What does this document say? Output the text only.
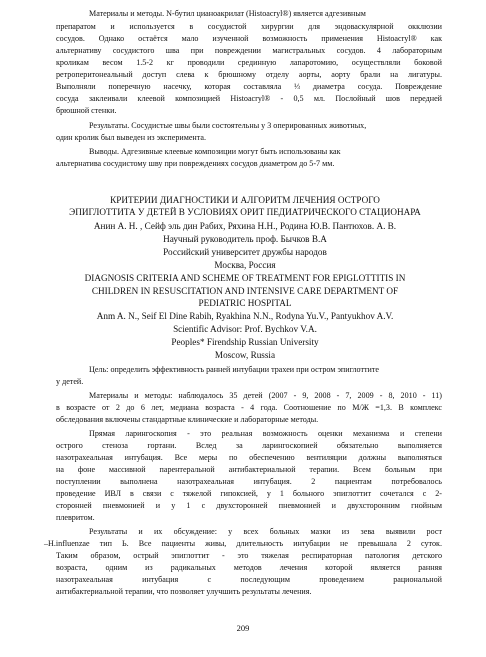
Материалы и методы. N-бутил цианоакрилат (Histoacryl®) является адгезивным
препаратом и используется в сосудистой хирургии для эндоваскулярной окклюзии
сосудов. Однако остаётся мало изученной возможность применения Histoacryl® как
альтернативу сосудистого шва при повреждении магистральных сосудов. 4 лабораторным
кроликам весом 1.5-2 кг проводили срединную лапаротомию, осуществляли боковой
ретроперитонеальный доступ слева к брюшному отделу аорты, аорту брали на лигатуры.
Выполняли поперечную насечку, которая составляла ⅓ диаметра сосуда. Повреждение
сосуда заклеивали клеевой композицией Histoacryl® - 0,5 мл. Послойный шов передней
брюшной стенки.
Результаты. Сосудистые швы были состоятельны у 3 оперированных животных,
один кролик был выведен из эксперимента.
Выводы. Адгезивные клеевые композиции могут быть использованы как
альтернатива сосудистому шву при повреждениях сосудов диаметром до 5-7 мм.
КРИТЕРИИ ДИАГНОСТИКИ И АЛГОРИТМ ЛЕЧЕНИЯ ОСТРОГО
ЭПИГЛОТТИТА У ДЕТЕЙ В УСЛОВИЯХ ОРИТ ПЕДИАТРИЧЕСКОГО СТАЦИОНАРА
DIAGNOSIS CRITERIA AND SCHEME OF TREATMENT FOR EPIGLOTTITIS IN
CHILDREN IN RESUSCITATION AND INTENSIVE CARE DEPARTMENT OF
PEDIATRIC HOSPITAL
Анин А. Н. , Сейф эль дин Рабих, Ряхина Н.Н., Родина Ю.В. Пантюхов. А. В.
Научный руководитель проф. Бычков В.А
Российский университет дружбы народов
Москва, Россия
Anm A. N., Seif El Dine Rabih, Ryakhina N.N., Rodyna Yu.V., Pantyukhov A.V.
Scientific Advisor: Prof. Bychkov V.A.
Peoples* Firendship Russian University
Moscow, Russia
Цель: определить эффективность ранней интубации трахеи при остром эпиглоттите
у детей.
Материалы и методы: наблюдалось 35 детей (2007 - 9, 2008 - 7, 2009 - 8, 2010 - 11)
в возрасте от 2 до 6 лет, медиана возраста - 4 года. Соотношение по М/Ж =1,3. В комплекс
обследования включены стандартные клинические и лабораторные методы.
Прямая ларингоскопия - это реальная возможность оценки механизма и степени
острого стеноза гортани. Вслед за ларингоскопией обязательно выполняется
назотрахеальная интубация. Все меры по обеспечению вентиляции должны выполняться
на фоне массивной парентеральной антибактериальной терапии. Всем больным при
поступлении выполнена назотрахеальная интубация. 2 пациентам потребовалось
проведение ИВЛ в связи с тяжелой гипоксией, у 1 больного эпиглоттит сочетался с 2-
сторонней пневмонией и у 1 с двухсторонней пневмонией и двухсторонним гнойным
плевритом.
Результаты и их обсуждение: у всех больных мазки из зева выявили рост
–H.influenzae тип Ь. Все пациенты живы, длительность интубации не превышала 2 суток.
Таким образом, острый эпиглоттит - это тяжелая респираторная патология детского
возраста, одним из радикальных методов лечения которой является ранняя
назотрахеальная интубация с последующим проведением рациональной
антибактериальной терапии, что позволяет улучшить результаты лечения.
209
